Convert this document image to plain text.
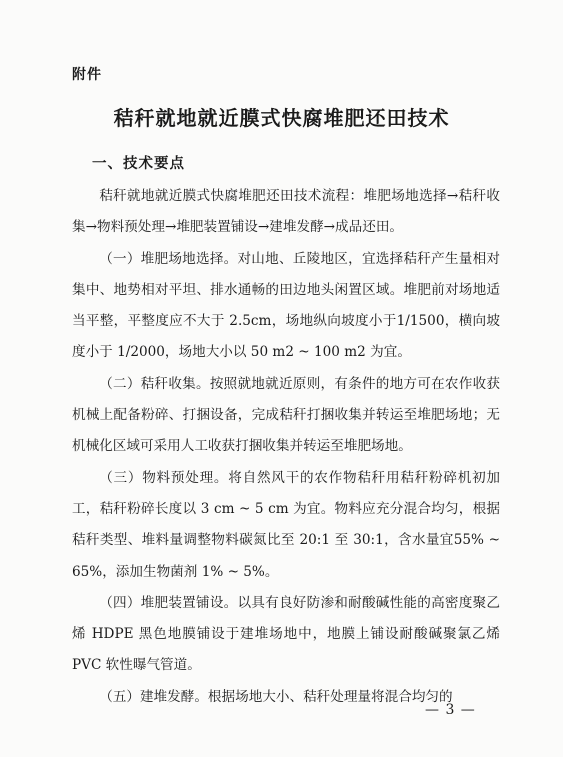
附件
秸秆就地就近膜式快腐堆肥还田技术
一、技术要点

秸秆就地就近膜式快腐堆肥还田技术流程：堆肥场地选择→秸秆收集→物料预处理→堆肥装置铺设→建堆发酵→成品还田。

（一）堆肥场地选择。对山地、丘陵地区，宜选择秸秆产生量相对集中、地势相对平坦、排水通畅的田边地头闲置区域。堆肥前对场地适当平整，平整度应不大于 2.5cm，场地纵向坡度小于1/1500，横向坡度小于 1/2000，场地大小以 50 m2 ~ 100 m2 为宜。

（二）秸秆收集。按照就地就近原则，有条件的地方可在农作收获机械上配备粉碎、打捆设备，完成秸秆打捆收集并转运至堆肥场地；无机械化区域可采用人工收获打捆收集并转运至堆肥场地。

（三）物料预处理。将自然风干的农作物秸秆用秸秆粉碎机初加工，秸秆粉碎长度以 3 cm ~ 5 cm 为宜。物料应充分混合均匀，根据秸秆类型、堆料量调整物料碳氮比至 20:1 至 30:1，含水量宜55% ~ 65%，添加生物菌剂 1% ~ 5%。

（四）堆肥装置铺设。以具有良好防渗和耐酸碱性能的高密度聚乙烯 HDPE 黑色地膜铺设于建堆场地中，地膜上铺设耐酸碱聚氯乙烯 PVC 软性曝气管道。

（五）建堆发酵。根据场地大小、秸秆处理量将混合均匀的

— 3 —
